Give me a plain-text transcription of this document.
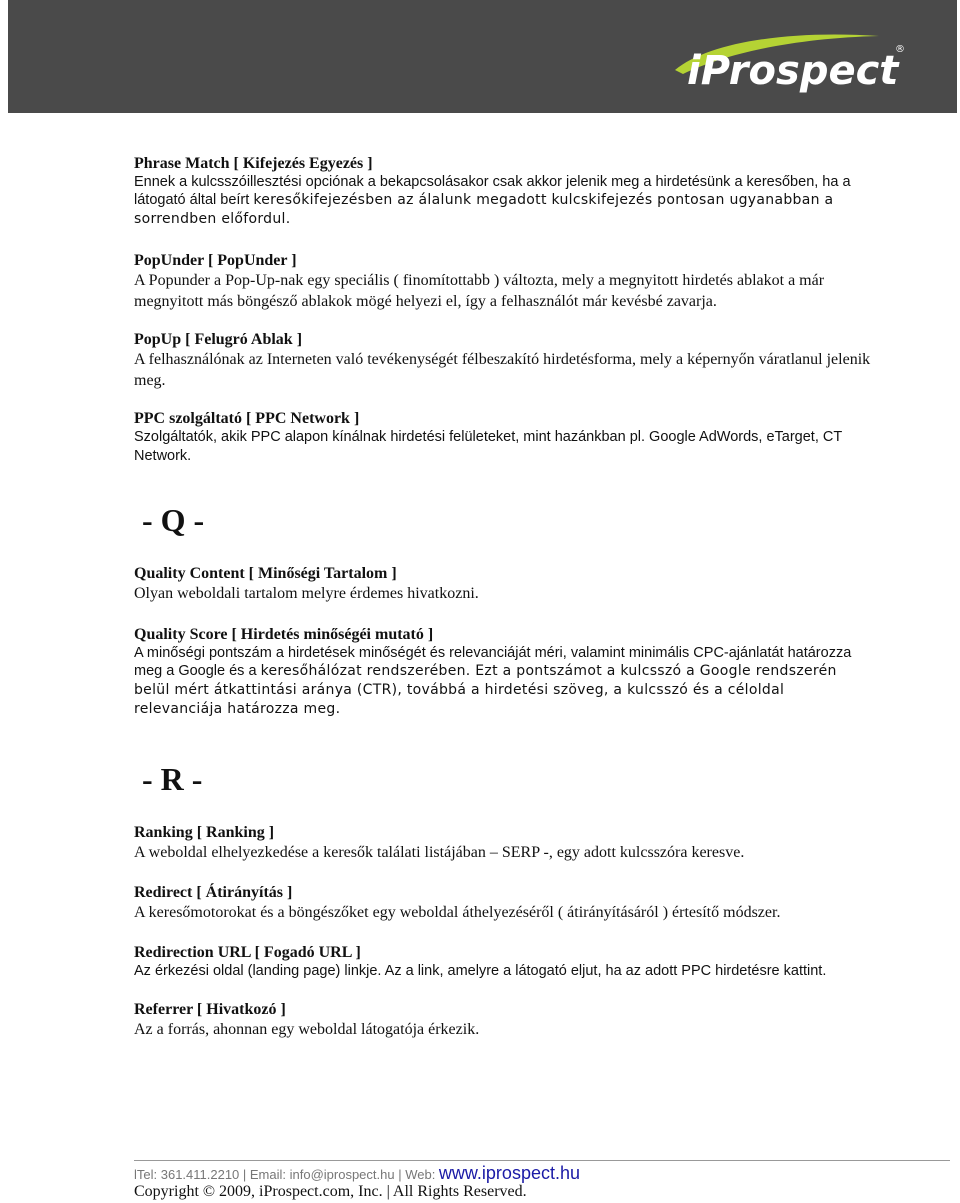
iProspect
®

Phrase Match [ Kifejezés Egyezés ]

Ennek a kulcsszóillesztési opciónak a bekapcsolásakor csak akkor jelenik meg a hirdetésünk a keresőben, ha a látogató által beírt keresőkifejezésben az álalunk megadott kulcskifejezés pontosan ugyanabban a sorrendben előfordul.

PopUnder [ PopUnder ]

A Popunder a Pop-Up-nak egy speciális ( finomítottabb ) változta, mely a megnyitott hirdetés ablakot a már megnyitott más böngésző ablakok mögé helyezi el, így a felhasználót már kevésbé zavarja.

PopUp [ Felugró Ablak ]

A felhasználónak az Interneten való tevékenységét félbeszakító hirdetésforma, mely a képernyőn váratlanul jelenik meg.

PPC szolgáltató [ PPC Network ]

Szolgáltatók, akik PPC alapon kínálnak hirdetési felületeket, mint hazánkban pl. Google AdWords, eTarget, CT Network.

- Q -

Quality Content [ Minőségi Tartalom ]

Olyan weboldali tartalom melyre érdemes hivatkozni.

Quality Score [ Hirdetés minőségéi mutató ]

A minőségi pontszám a hirdetések minőségét és relevanciáját méri, valamint minimális CPC-ajánlatát határozza meg a Google és a keresőhálózat rendszerében. Ezt a pontszámot a kulcsszó a Google rendszerén belül mért átkattintási aránya (CTR), továbbá a hirdetési szöveg, a kulcsszó és a céloldal relevanciája határozza meg.

- R -

Ranking [ Ranking ]

A weboldal elhelyezkedése a keresők találati listájában – SERP -, egy adott kulcsszóra keresve.

Redirect [ Átirányítás ]

A keresőmotorokat és a böngészőket egy weboldal áthelyezéséről ( átirányításáról ) értesítő módszer.

Redirection URL [ Fogadó URL ]

Az érkezési oldal (landing page) linkje. Az a link, amelyre a látogató eljut, ha az adott PPC hirdetésre kattint.

Referrer [ Hivatkozó ]

Az a forrás, ahonnan egy weboldal látogatója érkezik.

lTel: 361.411.2210 | Email: info@iprospect.hu | Web: www.iprospect.hu
Copyright © 2009, iProspect.com, Inc. | All Rights Reserved.
